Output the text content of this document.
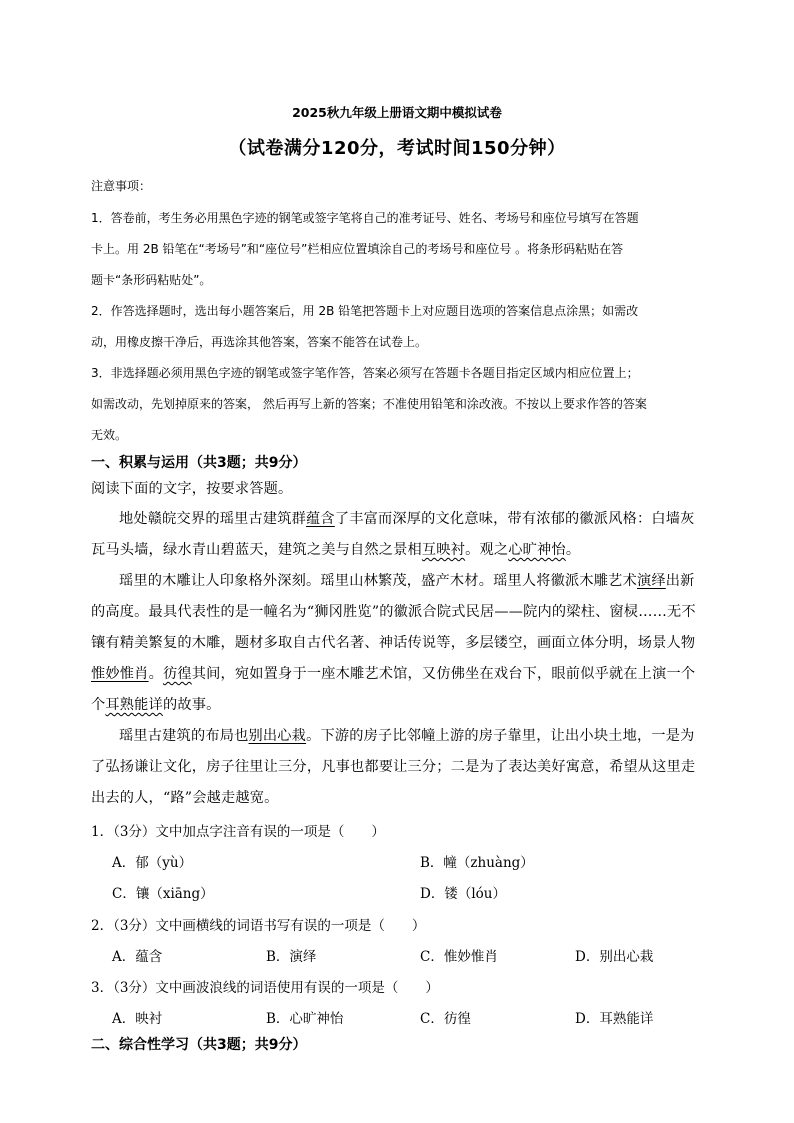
2025秋九年级上册语文期中模拟试卷
（试卷满分120分，考试时间150分钟）
注意事项：
1．答卷前，考生务必用黑色字迹的钢笔或签字笔将自己的准考证号、姓名、考场号和座位号填写在答题
卡上。用 2B 铅笔在“考场号”和“座位号”栏相应位置填涂自己的考场号和座位号 。将条形码粘贴在答
题卡“条形码粘贴处”。
2．作答选择题时，选出每小题答案后，用 2B 铅笔把答题卡上对应题目选项的答案信息点涂黑；如需改
动，用橡皮擦干净后，再选涂其他答案，答案不能答在试卷上。
3．非选择题必须用黑色字迹的钢笔或签字笔作答，答案必须写在答题卡各题目指定区域内相应位置上；
如需改动，先划掉原来的答案， 然后再写上新的答案；不准使用铅笔和涂改液。不按以上要求作答的答案
无效。
一、积累与运用（共3题；共9分）
阅读下面的文字，按要求答题。
地处赣皖交界的瑶里古建筑群蕴含了丰富而深厚的文化意味，带有浓郁的徽派风格：白墙灰
瓦马头墙，绿水青山碧蓝天，建筑之美与自然之景相互映衬。观之心旷神怡。
瑶里的木雕让人印象格外深刻。瑶里山林繁茂，盛产木材。瑶里人将徽派木雕艺术演绎出新
的高度。最具代表性的是一幢名为“狮冈胜览”的徽派合院式民居——院内的梁柱、窗棂……无不
镶有精美繁复的木雕，题材多取自古代名著、神话传说等，多层镂空，画面立体分明，场景人物
惟妙惟肖。彷徨其间，宛如置身于一座木雕艺术馆，又仿佛坐在戏台下，眼前似乎就在上演一个
个耳熟能详的故事。
瑶里古建筑的布局也别出心栽。下游的房子比邻幢上游的房子靠里，让出小块土地，一是为
了弘扬谦让文化，房子往里让三分，凡事也都要让三分；二是为了表达美好寓意，希望从这里走
出去的人，“路”会越走越宽。
1．（3分）文中加点字注音有误的一项是（　　）
A．郁（yù）	B．幢（zhuàng）
C．镶（xiāng）	D．镂（lóu）
2．（3分）文中画横线的词语书写有误的一项是（　　）
A．蕴含	B．演绎	C．惟妙惟肖	D．别出心栽
3．（3分）文中画波浪线的词语使用有误的一项是（　　）
A．映衬	B．心旷神怡	C．彷徨	D．耳熟能详
二、综合性学习（共3题；共9分）
